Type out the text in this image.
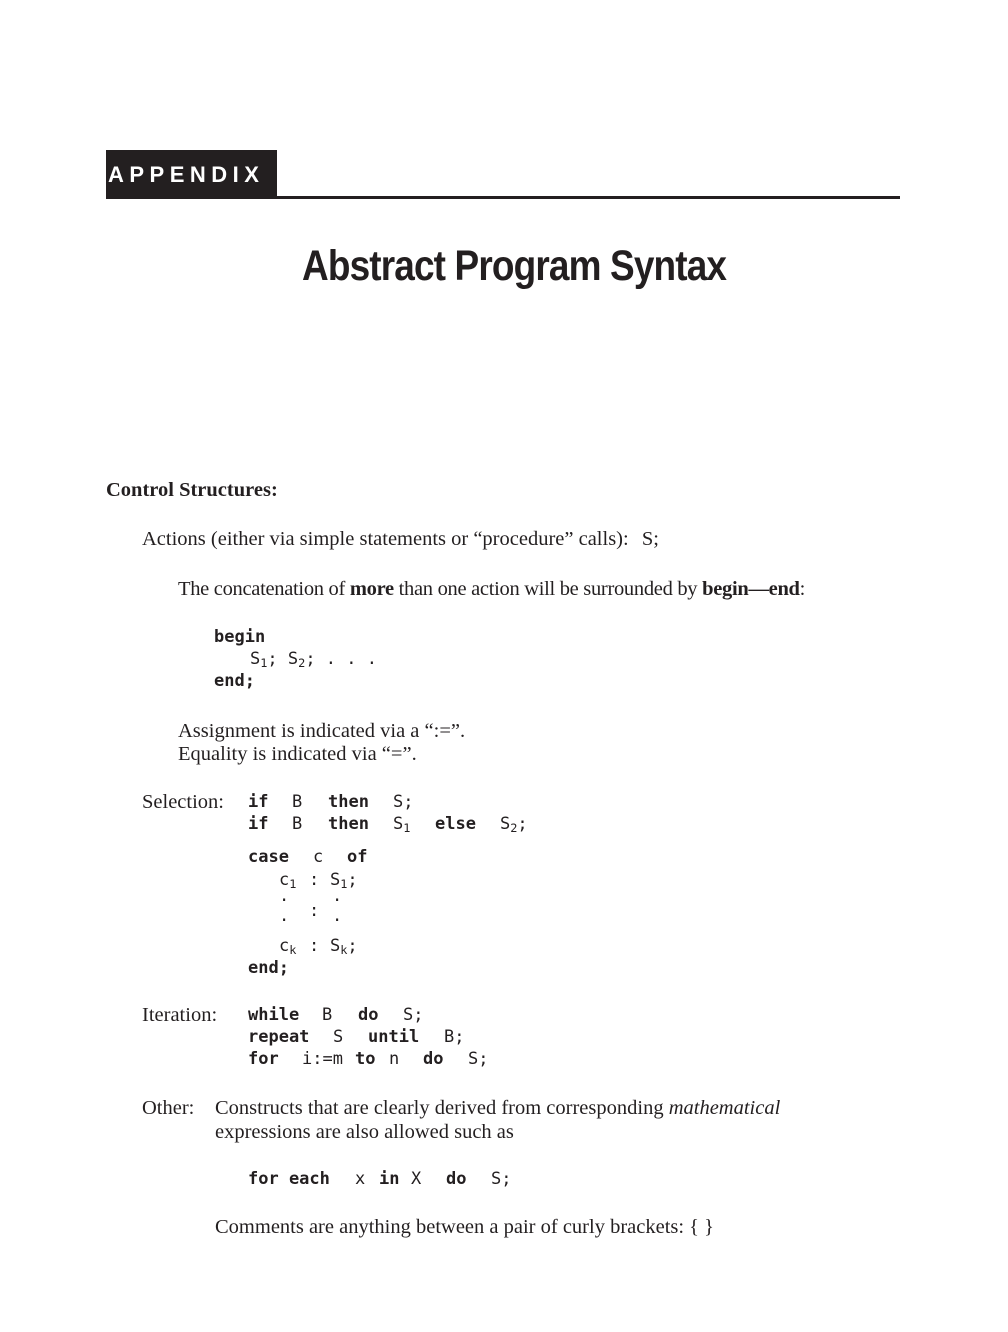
APPENDIX B
Abstract Program Syntax
Control Structures:
Actions (either via simple statements or “procedure” calls): S;
The concatenation of more than one action will be surrounded by begin—end:
begin
$S_1$; $S_2$; . . .
end;
Assignment is indicated via a “:=”.
Equality is indicated via “=”.
Selection: if B then S;
if B then $S_1$ else $S_2$;
case c of
$c_1$ : $S_1$;
.	.
:
.	.
$c_k$ : $S_k$;
end;
Iteration: while B do S;
repeat S until B;
for i:=m to n do S;
Other: Constructs that are clearly derived from corresponding mathematical
expressions are also allowed such as
for each x in X do S;
Comments are anything between a pair of curly brackets: { }
